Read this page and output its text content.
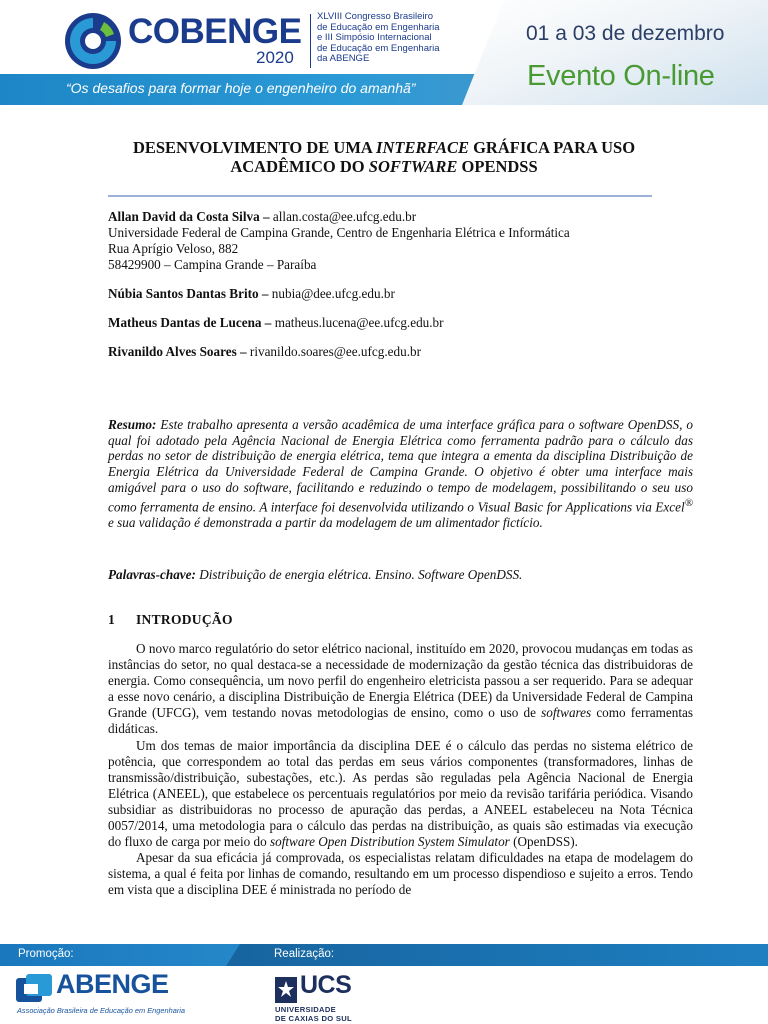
COBENGE
2020
XLVIII Congresso Brasileiro
de Educação em Engenharia
e III Simpósio Internacional
de Educação em Engenharia
da ABENGE
“Os desafios para formar hoje o engenheiro do amanhã”
01 a 03 de dezembro
Evento On-line
DESENVOLVIMENTO DE UMA INTERFACE GRÁFICA PARA USO
ACADÊMICO DO SOFTWARE OPENDSS
Allan David da Costa Silva – allan.costa@ee.ufcg.edu.br
Universidade Federal de Campina Grande, Centro de Engenharia Elétrica e Informática
Rua Aprígio Veloso, 882
58429900 – Campina Grande – Paraíba
Núbia Santos Dantas Brito – nubia@dee.ufcg.edu.br
Matheus Dantas de Lucena – matheus.lucena@ee.ufcg.edu.br
Rivanildo Alves Soares – rivanildo.soares@ee.ufcg.edu.br
Resumo: Este trabalho apresenta a versão acadêmica de uma interface gráfica para o software OpenDSS, o qual foi adotado pela Agência Nacional de Energia Elétrica como ferramenta padrão para o cálculo das perdas no setor de distribuição de energia elétrica, tema que integra a ementa da disciplina Distribuição de Energia Elétrica da Universidade Federal de Campina Grande. O objetivo é obter uma interface mais amigável para o uso do software, facilitando e reduzindo o tempo de modelagem, possibilitando o seu uso como ferramenta de ensino. A interface foi desenvolvida utilizando o Visual Basic for Applications via Excel® e sua validação é demonstrada a partir da modelagem de um alimentador fictício.
Palavras-chave: Distribuição de energia elétrica. Ensino. Software OpenDSS.
1 INTRODUÇÃO

O novo marco regulatório do setor elétrico nacional, instituído em 2020, provocou mudanças em todas as instâncias do setor, no qual destaca-se a necessidade de modernização da gestão técnica das distribuidoras de energia. Como consequência, um novo perfil do engenheiro eletricista passou a ser requerido. Para se adequar a esse novo cenário, a disciplina Distribuição de Energia Elétrica (DEE) da Universidade Federal de Campina Grande (UFCG), vem testando novas metodologias de ensino, como o uso de softwares como ferramentas didáticas.

Um dos temas de maior importância da disciplina DEE é o cálculo das perdas no sistema elétrico de potência, que correspondem ao total das perdas em seus vários componentes (transformadores, linhas de transmissão/distribuição, subestações, etc.). As perdas são reguladas pela Agência Nacional de Energia Elétrica (ANEEL), que estabelece os percentuais regulatórios por meio da revisão tarifária periódica. Visando subsidiar as distribuidoras no processo de apuração das perdas, a ANEEL estabeleceu na Nota Técnica 0057/2014, uma metodologia para o cálculo das perdas na distribuição, as quais são estimadas via execução do fluxo de carga por meio do software Open Distribution System Simulator (OpenDSS).

Apesar da sua eficácia já comprovada, os especialistas relatam dificuldades na etapa de modelagem do sistema, a qual é feita por linhas de comando, resultando em um processo dispendioso e sujeito a erros. Tendo em vista que a disciplina DEE é ministrada no período de

Promoção:	Realização:
ABENGE
Associação Brasileira de Educação em Engenharia
UCS
UNIVERSIDADE
DE CAXIAS DO SUL
